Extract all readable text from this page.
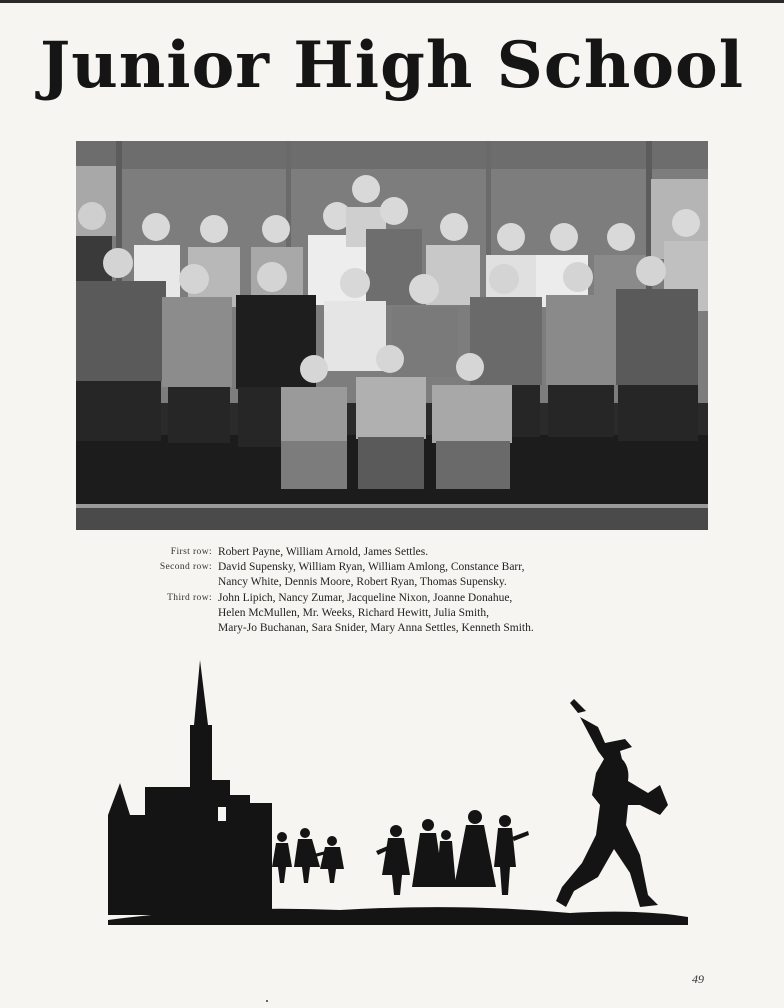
Junior High School
First row: Robert Payne, William Arnold, James Settles.
Second row: David Supensky, William Ryan, William Amlong, Constance Barr,
Nancy White, Dennis Moore, Robert Ryan, Thomas Supensky.
Third row: John Lipich, Nancy Zumar, Jacqueline Nixon, Joanne Donahue,
Helen McMullen, Mr. Weeks, Richard Hewitt, Julia Smith,
Mary-Jo Buchanan, Sara Snider, Mary Anna Settles, Kenneth Smith.
49
